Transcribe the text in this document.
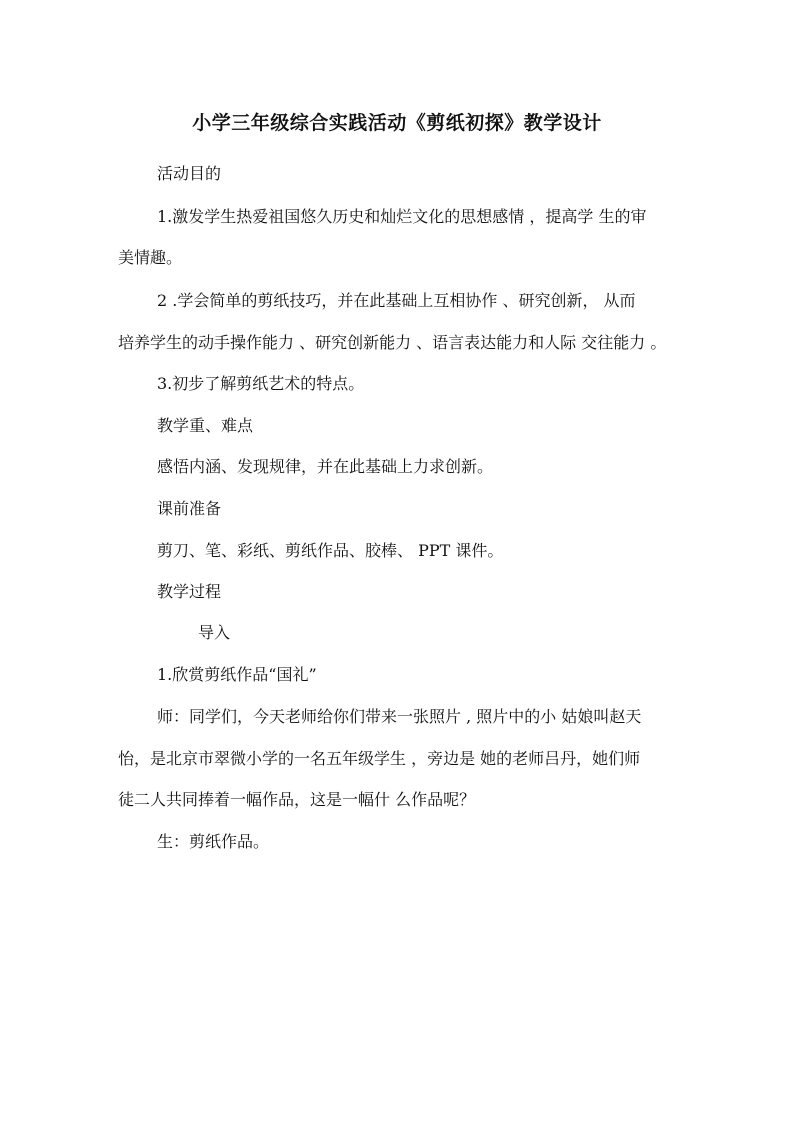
小学三年级综合实践活动《剪纸初探》教学设计
活动目的
1.激发学生热爱祖国悠久历史和灿烂文化的思想感情 ，提高学 生的审
美情趣。
2 .学会简单的剪纸技巧，并在此基础上互相协作 、研究创新， 从而
培养学生的动手操作能力 、研究创新能力 、语言表达能力和人际 交往能力 。
3.初步了解剪纸艺术的特点。
教学重、难点
感悟内涵、发现规律，并在此基础上力求创新。
课前准备
剪刀、笔、彩纸、剪纸作品、胶棒、 PPT 课件。
教学过程
导入
1.欣赏剪纸作品“国礼”
师：同学们，今天老师给你们带来一张照片 , 照片中的小 姑娘叫赵天
怡，是北京市翠微小学的一名五年级学生 ，旁边是 她的老师吕丹，她们师
徒二人共同捧着一幅作品，这是一幅什 么作品呢？
生：剪纸作品。
